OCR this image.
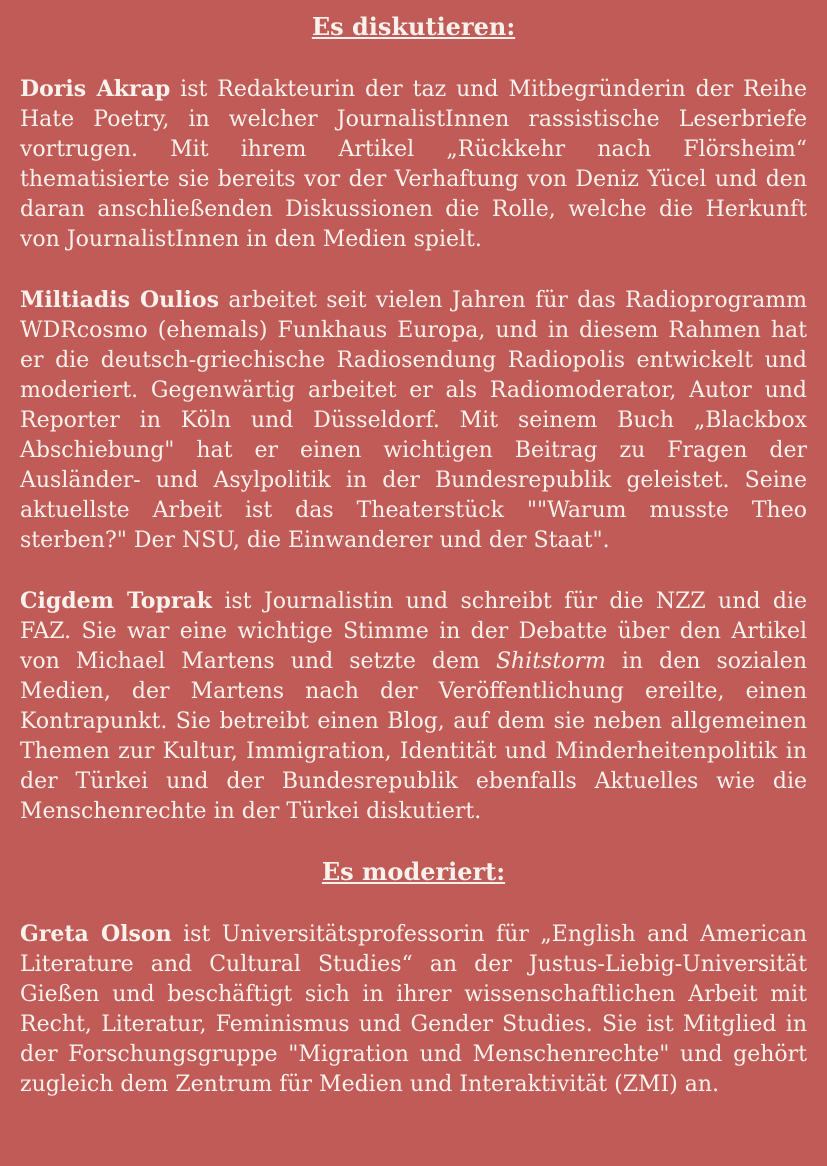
Es diskutieren:

Doris Akrap ist Redakteurin der taz und Mitbegründerin der Reihe Hate Poetry, in welcher JournalistInnen rassistische Leserbriefe vortrugen. Mit ihrem Artikel „Rückkehr nach Flörsheim“ thematisierte sie bereits vor der Verhaftung von Deniz Yücel und den daran anschließenden Diskussionen die Rolle, welche die Herkunft von JournalistInnen in den Medien spielt.

Miltiadis Oulios arbeitet seit vielen Jahren für das Radioprogramm WDRcosmo (ehemals) Funkhaus Europa, und in diesem Rahmen hat er die deutsch-griechische Radiosendung Radiopolis entwickelt und moderiert. Gegenwärtig arbeitet er als Radiomoderator, Autor und Reporter in Köln und Düsseldorf. Mit seinem Buch „Blackbox Abschiebung" hat er einen wichtigen Beitrag zu Fragen der Ausländer- und Asylpolitik in der Bundesrepublik geleistet. Seine aktuellste Arbeit ist das Theaterstück ""Warum musste Theo sterben?" Der NSU, die Einwanderer und der Staat".

Cigdem Toprak ist Journalistin und schreibt für die NZZ und die FAZ. Sie war eine wichtige Stimme in der Debatte über den Artikel von Michael Martens und setzte dem Shitstorm in den sozialen Medien, der Martens nach der Veröffentlichung ereilte, einen Kontrapunkt. Sie betreibt einen Blog, auf dem sie neben allgemeinen Themen zur Kultur, Immigration, Identität und Minderheitenpolitik in der Türkei und der Bundesrepublik ebenfalls Aktuelles wie die Menschenrechte in der Türkei diskutiert.

Es moderiert:

Greta Olson ist Universitätsprofessorin für „English and American Literature and Cultural Studies“ an der Justus-Liebig-Universität Gießen und beschäftigt sich in ihrer wissenschaftlichen Arbeit mit Recht, Literatur, Feminismus und Gender Studies. Sie ist Mitglied in der Forschungsgruppe "Migration und Menschenrechte" und gehört zugleich dem Zentrum für Medien und Interaktivität (ZMI) an.
